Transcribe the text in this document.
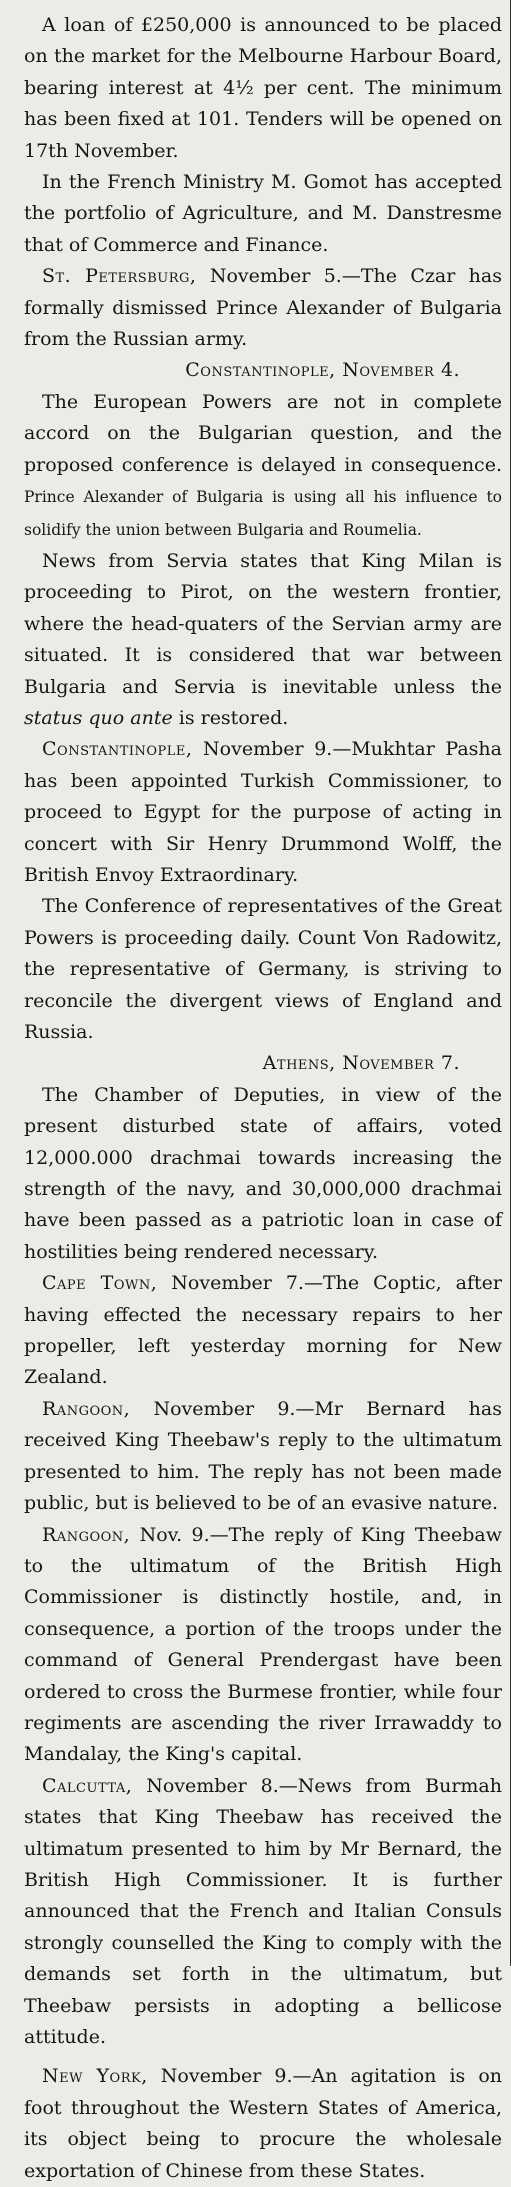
A loan of £250,000 is announced to be placed on the market for the Melbourne Harbour Board, bearing interest at 4½ per cent. The minimum has been fixed at 101. Tenders will be opened on 17th November.

In the French Ministry M. Gomot has accepted the portfolio of Agriculture, and M. Danstresme that of Commerce and Finance.

St. Petersburg, November 5.—The Czar has formally dismissed Prince Alexander of Bulgaria from the Russian army.

Constantinople, November 4.

The European Powers are not in complete accord on the Bulgarian question, and the proposed conference is delayed in consequence. Prince Alexander of Bulgaria is using all his influence to solidify the union between Bulgaria and Roumelia.

News from Servia states that King Milan is proceeding to Pirot, on the western frontier, where the head-quaters of the Servian army are situated. It is considered that war between Bulgaria and Servia is inevitable unless the status quo ante is restored.

Constantinople, November 9.—Mukhtar Pasha has been appointed Turkish Commissioner, to proceed to Egypt for the purpose of acting in concert with Sir Henry Drummond Wolff, the British Envoy Extraordinary.

The Conference of representatives of the Great Powers is proceeding daily. Count Von Radowitz, the representative of Germany, is striving to reconcile the divergent views of England and Russia.

Athens, November 7.

The Chamber of Deputies, in view of the present disturbed state of affairs, voted 12,000.000 drachmai towards increasing the strength of the navy, and 30,000,000 drachmai have been passed as a patriotic loan in case of hostilities being rendered necessary.

Cape Town, November 7.—The Coptic, after having effected the necessary repairs to her propeller, left yesterday morning for New Zealand.

Rangoon, November 9.—Mr Bernard has received King Theebaw's reply to the ultimatum presented to him. The reply has not been made public, but is believed to be of an evasive nature.

Rangoon, Nov. 9.—The reply of King Theebaw to the ultimatum of the British High Commissioner is distinctly hostile, and, in consequence, a portion of the troops under the command of General Prendergast have been ordered to cross the Burmese frontier, while four regiments are ascending the river Irrawaddy to Mandalay, the King's capital.

Calcutta, November 8.—News from Burmah states that King Theebaw has received the ultimatum presented to him by Mr Bernard, the British High Commissioner. It is further announced that the French and Italian Consuls strongly counselled the King to comply with the demands set forth in the ultimatum, but Theebaw persists in adopting a bellicose attitude.

New York, November 9.—An agitation is on foot throughout the Western States of America, its object being to procure the wholesale exportation of Chinese from these States.
